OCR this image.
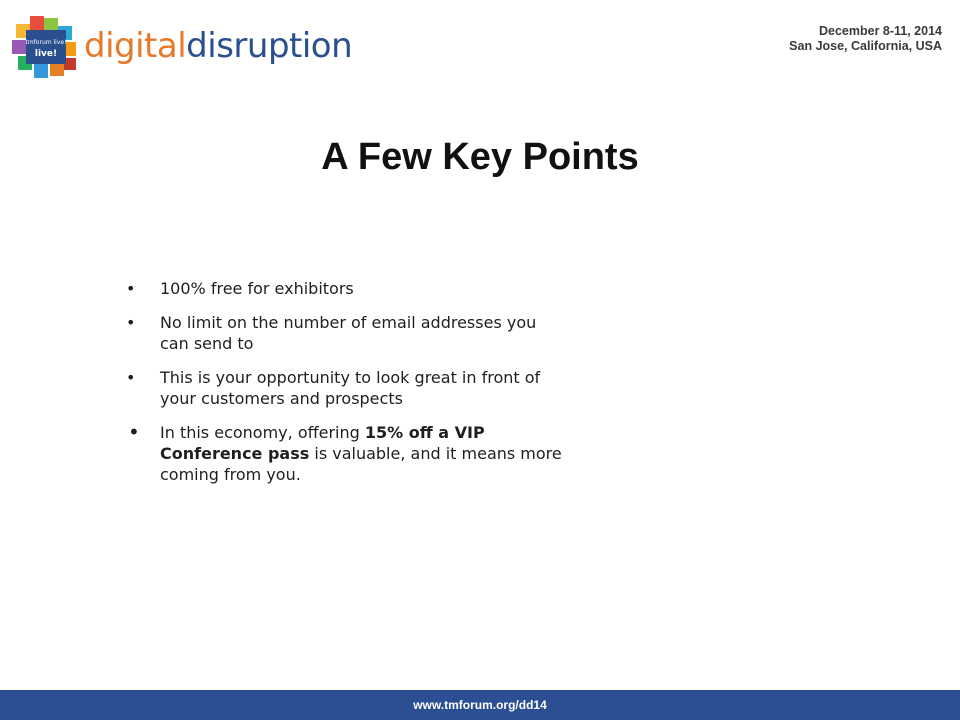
tmforum live!
live! digitaldisruption	December 8-11, 2014
San Jose, California, USA
A Few Key Points
•	100% free for exhibitors
•	No limit on the number of email addresses you can send to
•	This is your opportunity to look great in front of your customers and prospects
• In this economy, offering 15% off a VIP Conference pass is valuable, and it means more coming from you.
www.tmforum.org/dd14
